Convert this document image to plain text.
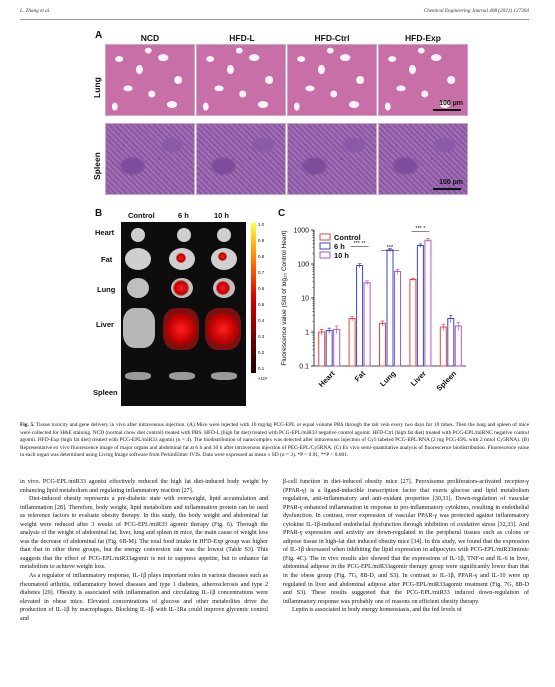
L. Zhang et al.	Chemical Engineering Journal 408 (2021) 127304
A	NCD	HFD-L	HFD-Ctrl	HFD-Exp
Lung
Spleen
100 µm
100 µm
B	Control	6 h	10 h
Heart
Fat
Lung
Liver
Spleen
1.0
0.9
0.8
0.7
0.6
0.5
0.4
0.3
0.2
0.1
×10⁹
C
1000
100
10
1
0.1
Fluorescence value (Std of log₁₀ Control Heart)
Heart Fat Lung Liver Spleen
*** **
***
*** *
Control
6 h
10 h
Fig. 5. Tissue toxicity and gene delivery in vivo after intravenous injection. (A) Mice were injected with 10 mg/kg PCG-EPL or equal volume PBS through the tail vein every two days for 10 times. Then the lung and spleen of mice were collected for H&E staining. NCD (normal chow diet control) treated with PBS. HFD-L (high fat diet) treated with PCG-EPL/miR33 negative control agomir. HFD-Ctrl (high fat diet) treated with PCG-EPL/miRNC negative control agomir. HFD-Exp (high fat diet) treated with PCG-EPL/miR33 agomir (n = 4). The biodistribution of nanocomplex was detected after intravenous injection of Cy5 labeled PCG-EPL/RNA (2 mg PCG-EPL with 2 nmol Cy5RNA). (B) Representative ex vivo fluorescence image of major organs and abdominal fat at 6 h and 10 h after intravenous injection of PEG-EPL/Cy5RNA. (C) Ex vivo semi-quantitative analysis of fluorescence biodistribution. Fluorescence value in each organ was determined using Living Image software from PerkinElmer IVIS. Data were expressed as mean ± SD (n = 3). *P < 0.01, **P < 0.001.

in vivo. PCG-EPL/miR33 agonist effectively reduced the high fat diet-induced body weight by enhancing lipid metabolism and regulating inflammatory reaction [27].

Diet-induced obesity represents a pre-diabetic state with overweight, lipid accumulation and inflammation [28]. Therefore, body weight, lipid metabolism and inflammation protein can be used as reference factors to evaluate obesity therapy. In this study, the body weight and abdominal fat weight were reduced after 3 weeks of PCG-EPL/miR33 agomir therapy (Fig. 6). Through the analysis of the weight of abdominal fat, liver, lung and spleen in mice, the main cause of weight loss was the decrease of abdominal fat (Fig. 6B-M). The total food intake in HFD-Exp group was higher than that in other three groups, but the energy conversion rate was the lowest (Table S3). This suggests that the effect of PCG-EPL/miR33agomir is not to suppress appetite, but to enhance fat metabolism to achieve weight loss.

As a regulator of inflammatory response, IL-1β plays important roles in various diseases such as rheumatoid arthritis, inflammatory bowel diseases and type 1 diabetes, atherosclerosis and type 2 diabetes [29]. Obesity is associated with inflammation and circulating IL-1β concentrations were elevated in obese mice. Elevated concentrations of glucose and other metabolites drive the production of IL-1β by macrophages. Blocking IL-1β with IL-1Ra could improve glycemic control and

β-cell function in diet-induced obesity mice [27]. Peroxisome proliferators-activated receptor-γ (PPAR-γ) is a ligand-inducible transcription factor that exerts glucose and lipid metabolism regulation, anti-inflammatory and anti-oxidant properties [30,31]. Down-regulation of vascular PPAR-γ enhanced inflammation in response to pro-inflammatory cytokines, resulting in endothelial dysfunction. In contrast, over expression of vascular PPAR-γ was protected against inflammatory cytokine IL-1β-induced endothelial dysfunction through inhibition of oxidative stress [32,33]. And PPAR-γ expression and activity are down-regulated in the peripheral tissues such as colons or adipose tissue in high-fat diet induced obesity mice [34]. In this study, we found that the expression of IL-1β decreased when inhibiting the lipid expression in adipocytes with PCG-EPL/miR33mimic (Fig. 4C). The in vivo results also showed that the expressions of IL-1β, TNF-α and IL-6 in liver, abdominal adipose in the PCG-EPL/miR33agomir therapy group were significantly lower than that in the obese group (Fig. 7G, 8B-D, and S3). In contrast to IL-1β, PPAR-γ and IL-10 were up regulated in liver and abdominal adipose after PCG-EPL/miR33agomir treatment (Fig. 7G, 8B-D and S3). These results suggested that the PCG-EPL/miR33 induced down-regulation of inflammatory response was probably one of reasons on efficient obesity therapy.

Leptin is associated in body energy homeostasis, and the fed levels of
